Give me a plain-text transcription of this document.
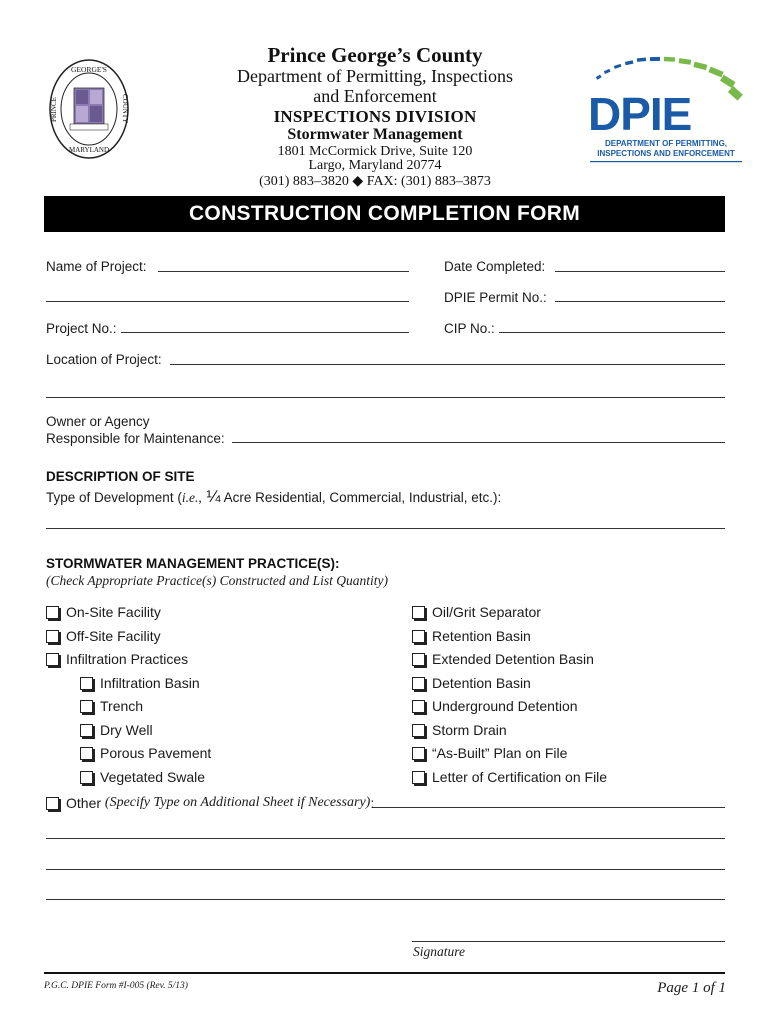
GEORGE'S
PRINCE	COUNTY
MARYLAND
Prince George’s County
Department of Permitting, Inspections
and Enforcement
INSPECTIONS DIVISION
Stormwater Management
1801 McCormick Drive, Suite 120
Largo, Maryland 20774
(301) 883–3820 ◆ FAX: (301) 883–3873
DPIE
DEPARTMENT OF PERMITTING,
INSPECTIONS AND ENFORCEMENT
CONSTRUCTION COMPLETION FORM
Name of Project:	Date Completed:
DPIE Permit No.:
Project No.:	CIP No.:
Location of Project:
Owner or Agency
Responsible for Maintenance:
DESCRIPTION OF SITE
Type of Development (i.e., ¼ Acre Residential, Commercial, Industrial, etc.):
STORMWATER MANAGEMENT PRACTICE(S):
(Check Appropriate Practice(s) Constructed and List Quantity)
On-Site Facility
Off-Site Facility
Infiltration Practices
Infiltration Basin
Trench
Dry Well
Porous Pavement
Vegetated Swale
Oil/Grit Separator
Retention Basin
Extended Detention Basin
Detention Basin
Underground Detention
Storm Drain
“As-Built” Plan on File
Letter of Certification on File
Other
(Specify Type on Additional Sheet if Necessary) :
Signature
P.G.C. DPIE Form #I-005 (Rev. 5/13)	Page 1 of 1
